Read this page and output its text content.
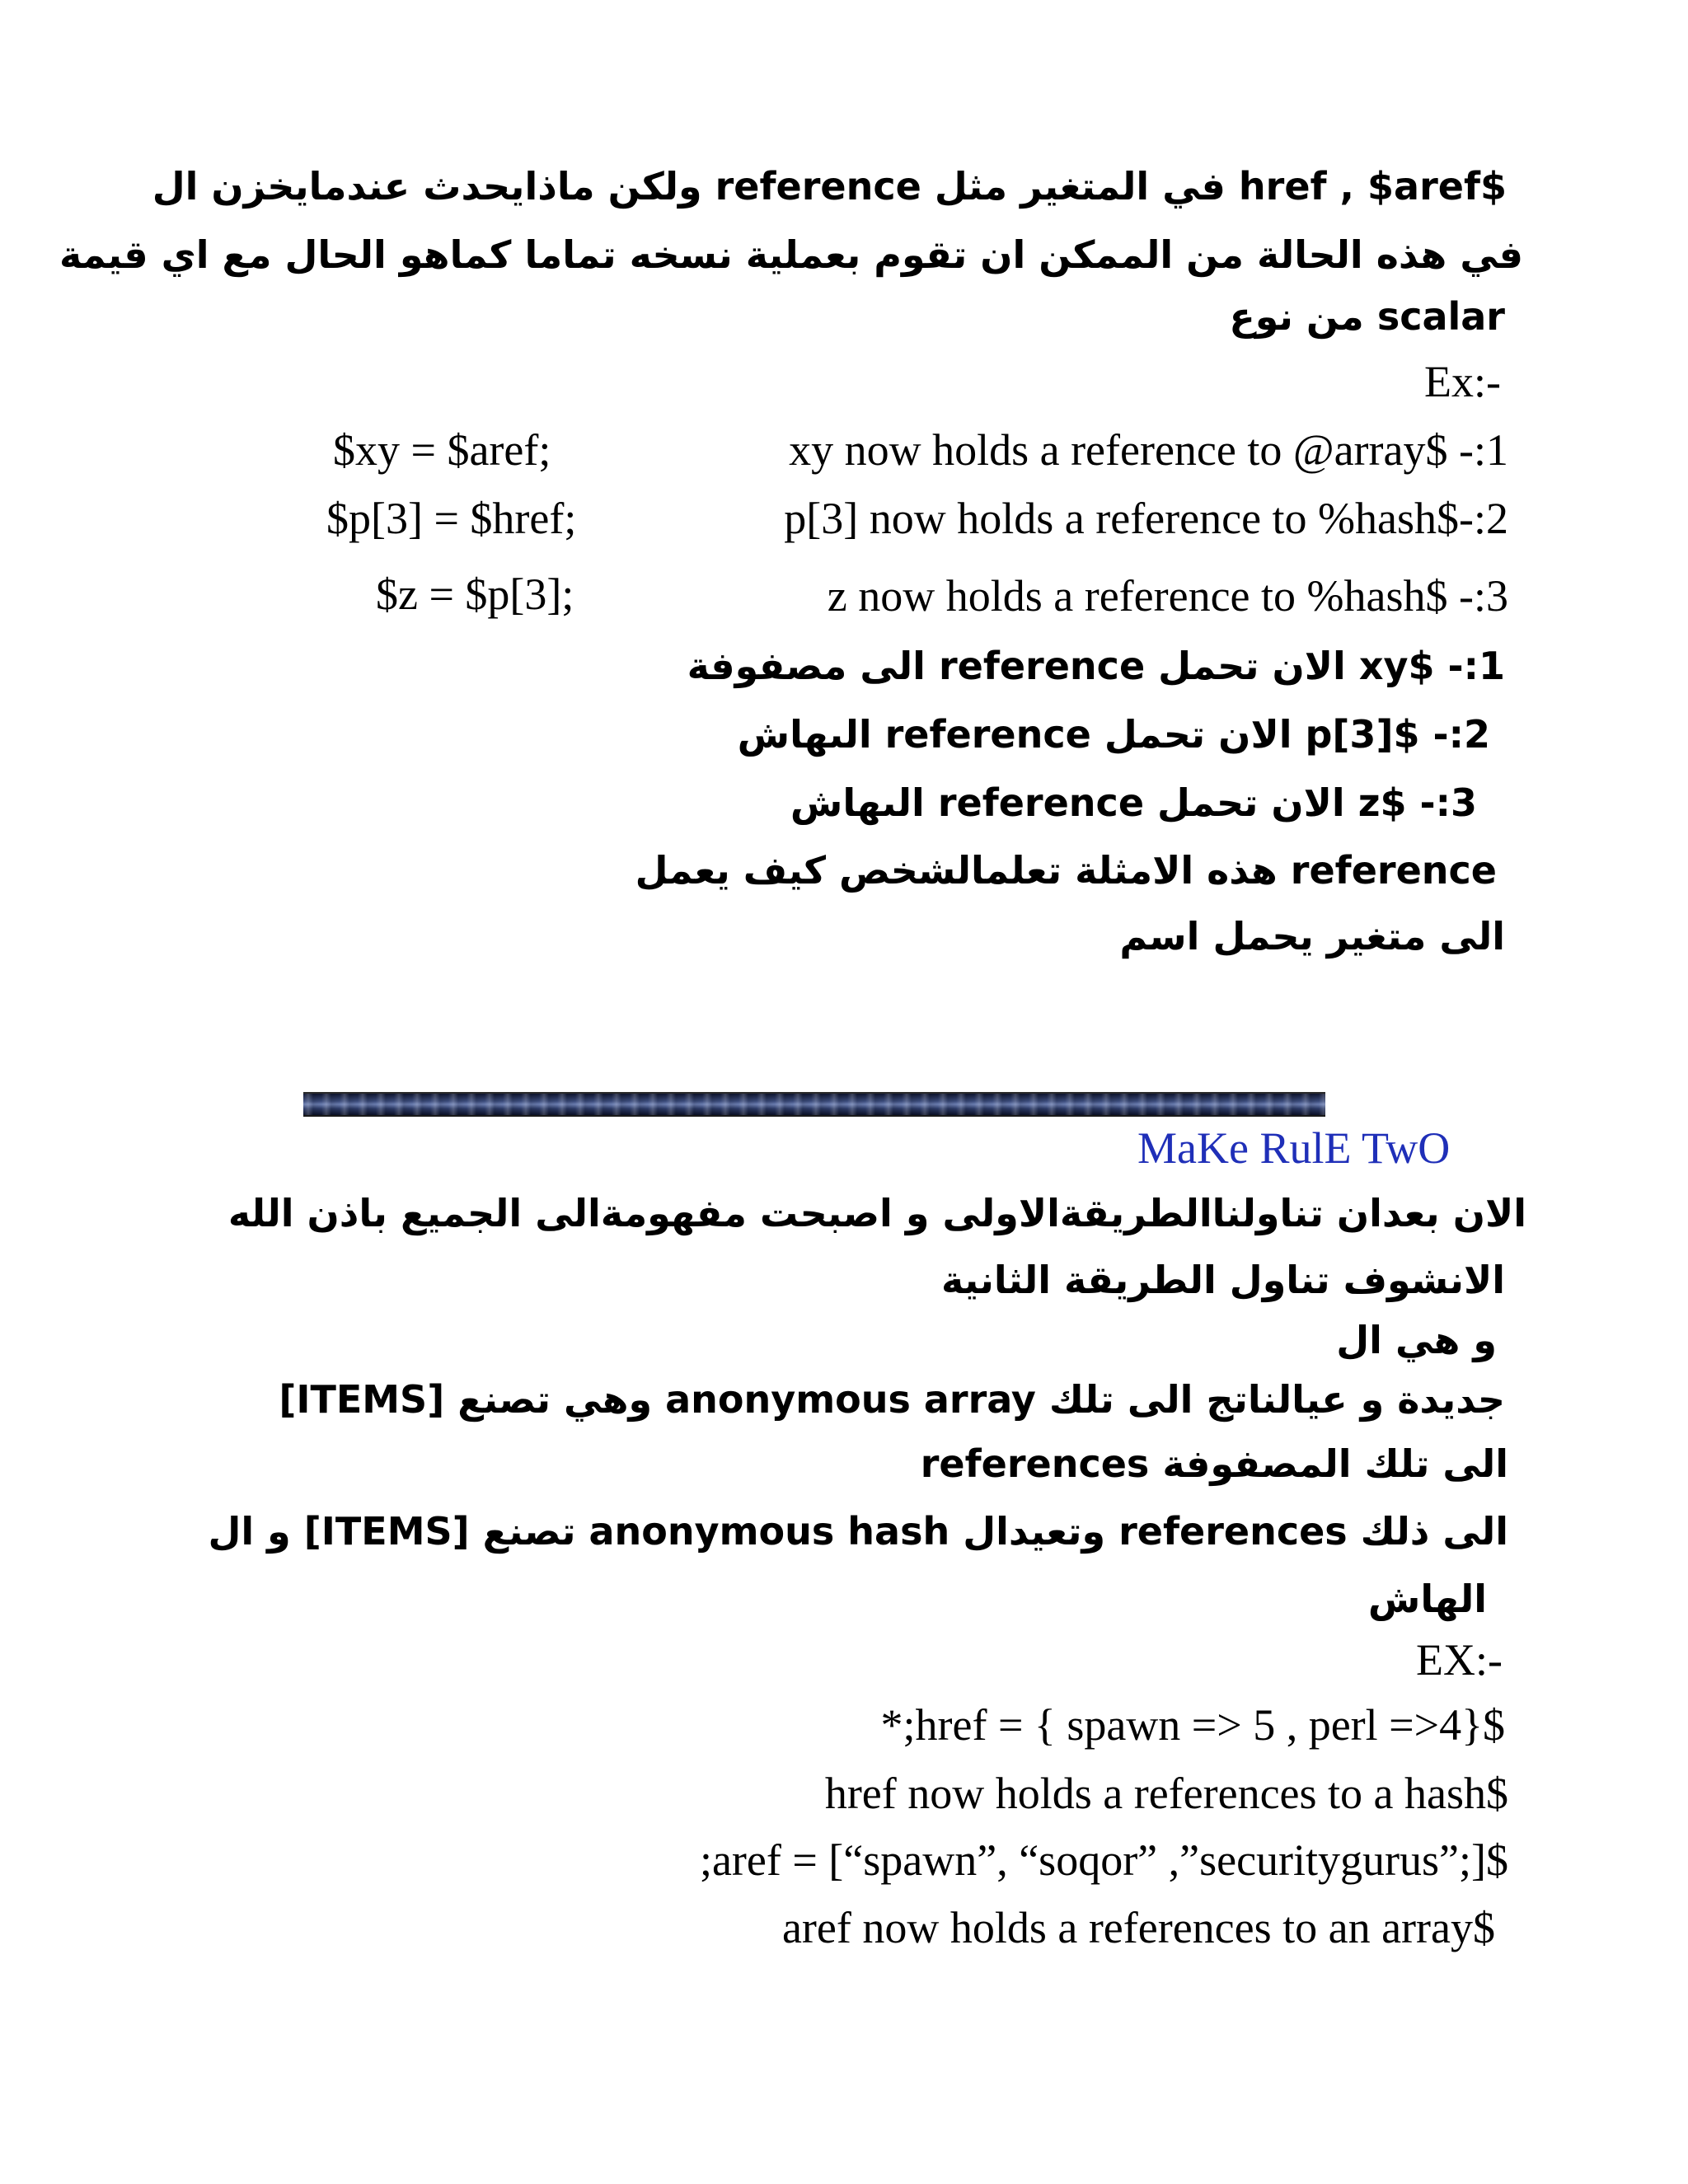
$href , $aref في المتغير مثل reference ولكن ماذايحدث عندمايخزن ال
في هذه الحالة من الممكن ان تقوم بعملية نسخه تماما كماهو الحال مع اي قيمة
scalar من نوع
Ex:-
$xy = $aref;	1:- $xy now holds a reference to @array
$p[3] = $href;	2:-$p[3] now holds a reference to %hash
$z = $p[3];	3:- $z now holds a reference to %hash
1:- $xy الان تحمل reference الى مصفوفة
2:- $p[3] الان تحمل reference الىهاش
3:- $z الان تحمل reference الىهاش
reference هذه الامثلة تعلمالشخص كيف يعمل
الى متغير يحمل اسم
MaKe RulE TwO
الان بعدان تناولناالطريقةالاولى و اصبحت مفهومةالى الجميع باذن الله
الانشوف تناول الطريقة الثانية
و هي ال
جديدة و عيالناتج الى تلك anonymous array وهي تصنع [ITEMS]
الى تلك المصفوفة references
الى ذلك references وتعيدال anonymous hash تصنع [ITEMS] و ال
الهاش
EX:-
$href = { spawn => 5 , perl =>4};*
$href now holds a references to a hash
$aref = [“spawn”, “soqor” ,”securitygurus”;];
$aref now holds a references to an array
